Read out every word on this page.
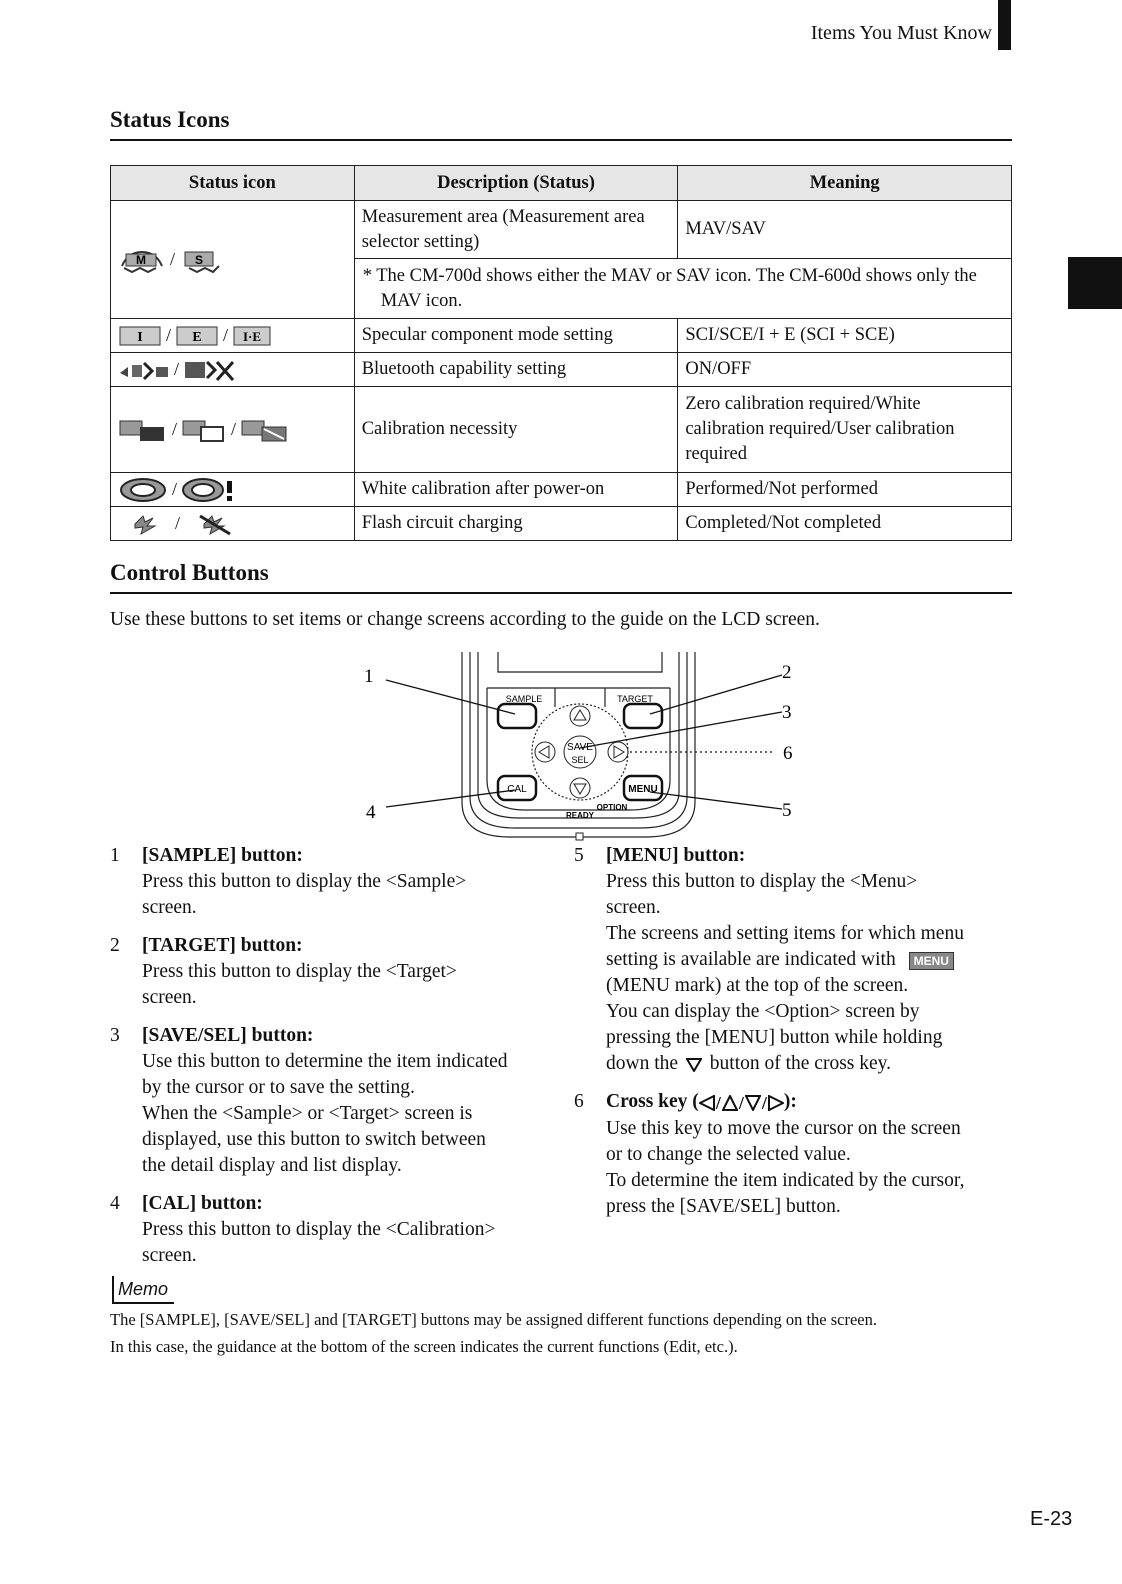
Items You Must Know
Status Icons
Status icon	Description (Status)	Meaning

M / S	Measurement area (Measurement area selector setting)	MAV/SAV

	* The CM-700d shows either the MAV or SAV icon. The CM-600d shows only the MAV icon.	

I / E / I·E	Specular component mode setting	SCI/SCE/I + E (SCI + SCE)
/	Bluetooth capability setting	ON/OFF
/ /	Calibration necessity	Zero calibration required/White calibration required/User calibration required
/	White calibration after power-on	Performed/Not performed
/	Flash circuit charging	Completed/Not completed
Control Buttons
Use these buttons to set items or change screens according to the guide on the LCD screen.
SAMPLE	TARGET
SAVE
SEL
CAL	MENU
OPTION
READY
1	2
3
4	5
6
1 [SAMPLE] button:
Press this button to display the <Sample>
screen.
2 [TARGET] button:
Press this button to display the <Target>
screen.
3 [SAVE/SEL] button:
Use this button to determine the item indicated
by the cursor or to save the setting.
When the <Sample> or <Target> screen is
displayed, use this button to switch between
the detail display and list display.
4 [CAL] button:
Press this button to display the <Calibration>
screen.
5 [MENU] button:
Press this button to display the <Menu>
screen.
The screens and setting items for which menu
setting is available are indicated with MENU
(MENU mark) at the top of the screen.
You can display the <Option> screen by
pressing the [MENU] button while holding
down the button of the cross key.
6 Cross key ( / / / ):
Use this key to move the cursor on the screen
or to change the selected value.
To determine the item indicated by the cursor,
press the [SAVE/SEL] button.
Memo
The [SAMPLE], [SAVE/SEL] and [TARGET] buttons may be assigned different functions depending on the screen.
In this case, the guidance at the bottom of the screen indicates the current functions (Edit, etc.).
E-23
